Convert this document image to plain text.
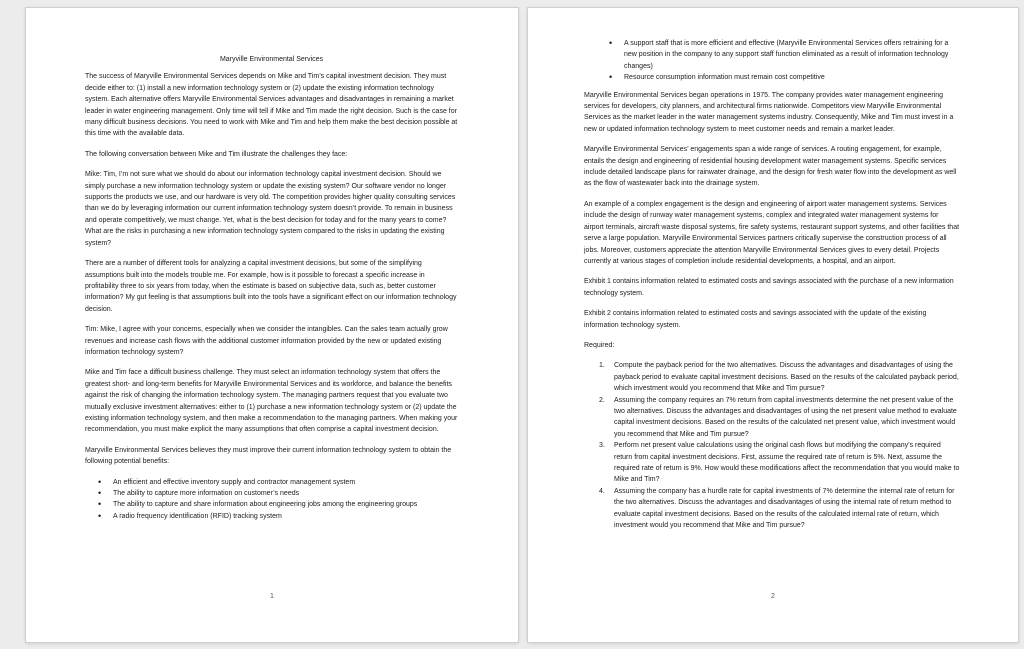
Maryville Environmental Services

The success of Maryville Environmental Services depends on Mike and Tim’s capital investment decision. They must decide either to: (1) install a new information technology system or (2) update the existing information technology system. Each alternative offers Maryville Environmental Services advantages and disadvantages in remaining a market leader in water engineering management. Only time will tell if Mike and Tim made the right decision. Such is the case for many difficult business decisions. You need to work with Mike and Tim and help them make the best decision possible at this time with the available data.

The following conversation between Mike and Tim illustrate the challenges they face:

Mike: Tim, I’m not sure what we should do about our information technology capital investment decision. Should we simply purchase a new information technology system or update the existing system? Our software vendor no longer supports the products we use, and our hardware is very old. The competition provides higher quality consulting services than we do by leveraging information our current information technology system doesn’t provide. To remain in business and operate competitively, we must change. Yet, what is the best decision for today and for the many years to come? What are the risks in purchasing a new information technology system compared to the risks in updating the existing system?

There are a number of different tools for analyzing a capital investment decisions, but some of the simplifying assumptions built into the models trouble me. For example, how is it possible to forecast a specific increase in profitability three to six years from today, when the estimate is based on subjective data, such as, better customer information? My gut feeling is that assumptions built into the tools have a significant effect on our information technology decision.

Tim: Mike, I agree with your concerns, especially when we consider the intangibles. Can the sales team actually grow revenues and increase cash flows with the additional customer information provided by the new or updated existing information technology system?

Mike and Tim face a difficult business challenge. They must select an information technology system that offers the greatest short- and long-term benefits for Maryville Environmental Services and its workforce, and balance the benefits against the risk of changing the information technology system. The managing partners request that you evaluate two mutually exclusive investment alternatives: either to (1) purchase a new information technology system or (2) update the existing information technology system, and then make a recommendation to the managing partners. When making your recommendation, you must make explicit the many assumptions that often comprise a capital investment decision.

Maryville Environmental Services believes they must improve their current information technology system to obtain the following potential benefits:

• An efficient and effective inventory supply and contractor management system
• The ability to capture more information on customer’s needs
• The ability to capture and share information about engineering jobs among the engineering groups
• A radio frequency identification (RFID) tracking system
1
• A support staff that is more efficient and effective (Maryville Environmental Services offers retraining for a new position in the company to any support staff function eliminated as a result of information technology changes)
• Resource consumption information must remain cost competitive

Maryville Environmental Services began operations in 1975. The company provides water management engineering services for developers, city planners, and architectural firms nationwide. Competitors view Maryville Environmental Services as the market leader in the water management systems industry. Consequently, Mike and Tim must invest in a new or updated information technology system to meet customer needs and remain a market leader.

Maryville Environmental Services’ engagements span a wide range of services. A routing engagement, for example, entails the design and engineering of residential housing development water management systems. Specific services include detailed landscape plans for rainwater drainage, and the design for fresh water flow into the development as well as the flow of wastewater back into the drainage system.

An example of a complex engagement is the design and engineering of airport water management systems. Services include the design of runway water management systems, complex and integrated water management systems for airport terminals, aircraft waste disposal systems, fire safety systems, restaurant support systems, and other facilities that serve a large population. Maryville Environmental Services partners critically supervise the construction process of all jobs. Moreover, customers appreciate the attention Maryville Environmental Services gives to every detail. Projects currently at various stages of completion include residential developments, a hospital, and an airport.

Exhibit 1 contains information related to estimated costs and savings associated with the purchase of a new information technology system.

Exhibit 2 contains information related to estimated costs and savings associated with the update of the existing information technology system.

Required:

Compute the payback period for the two alternatives. Discuss the advantages and disadvantages of using the payback period to evaluate capital investment decisions. Based on the results of the calculated payback period, which investment would you recommend that Mike and Tim pursue?
Assuming the company requires an 7% return from capital investments determine the net present value of the two alternatives. Discuss the advantages and disadvantages of using the net present value method to evaluate capital investment decisions. Based on the results of the calculated net present value, which investment would you recommend that Mike and Tim pursue?
Perform net present value calculations using the original cash flows but modifying the company’s required return from capital investment decisions. First, assume the required rate of return is 5%. Next, assume the required rate of return is 9%. How would these modifications affect the recommendation that you would make to Mike and Tim?
Assuming the company has a hurdle rate for capital investments of 7% determine the internal rate of return for the two alternatives. Discuss the advantages and disadvantages of using the internal rate of return method to evaluate capital investment decisions. Based on the results of the calculated internal rate of return, which investment would you recommend that Mike and Tim pursue?
2
